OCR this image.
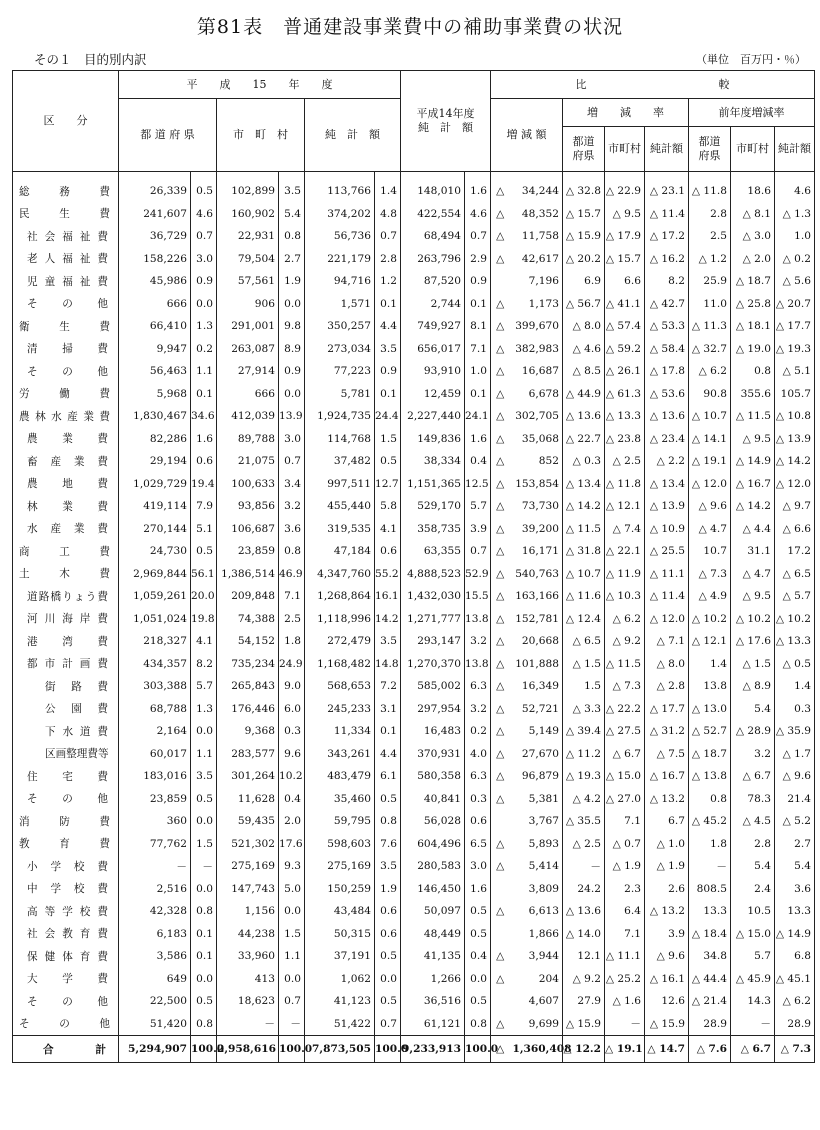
第81表　普通建設事業費中の補助事業費の状況
その１　目的別内訳	（単位　百万円・％）
区　　分	平　　成　　15　　年　　度						平成14年度
純　計　額		比　　　　　　　　　　　　較							
	都 道 府 県		市　町　村		純　計　額				増 減 額		増　　減　　率			前年度増減率		
											都道
府県	市町村	純計額	都道
府県	市町村	純計額
総務費	26,339	0.5	102,899	3.5	113,766	1.4	148,010	1.6	△	34,244	△ 32.8	△ 22.9	△ 23.1	△ 11.8	18.6	4.6
民生費	241,607	4.6	160,902	5.4	374,202	4.8	422,554	4.6	△	48,352	△ 15.7	△ 9.5	△ 11.4	2.8	△ 8.1	△ 1.3
社会福祉費	36,729	0.7	22,931	0.8	56,736	0.7	68,494	0.7	△	11,758	△ 15.9	△ 17.9	△ 17.2	2.5	△ 3.0	1.0
老人福祉費	158,226	3.0	79,504	2.7	221,179	2.8	263,796	2.9	△	42,617	△ 20.2	△ 15.7	△ 16.2	△ 1.2	△ 2.0	△ 0.2
児童福祉費	45,986	0.9	57,561	1.9	94,716	1.2	87,520	0.9		7,196	6.9	6.6	8.2	25.9	△ 18.7	△ 5.6
その他	666	0.0	906	0.0	1,571	0.1	2,744	0.1	△	1,173	△ 56.7	△ 41.1	△ 42.7	11.0	△ 25.8	△ 20.7
衛生費	66,410	1.3	291,001	9.8	350,257	4.4	749,927	8.1	△	399,670	△ 8.0	△ 57.4	△ 53.3	△ 11.3	△ 18.1	△ 17.7
清掃費	9,947	0.2	263,087	8.9	273,034	3.5	656,017	7.1	△	382,983	△ 4.6	△ 59.2	△ 58.4	△ 32.7	△ 19.0	△ 19.3
その他	56,463	1.1	27,914	0.9	77,223	0.9	93,910	1.0	△	16,687	△ 8.5	△ 26.1	△ 17.8	△ 6.2	0.8	△ 5.1
労働費	5,968	0.1	666	0.0	5,781	0.1	12,459	0.1	△	6,678	△ 44.9	△ 61.3	△ 53.6	90.8	355.6	105.7
農林水産業費	1,830,467	34.6	412,039	13.9	1,924,735	24.4	2,227,440	24.1	△	302,705	△ 13.6	△ 13.3	△ 13.6	△ 10.7	△ 11.5	△ 10.8
農業費	82,286	1.6	89,788	3.0	114,768	1.5	149,836	1.6	△	35,068	△ 22.7	△ 23.8	△ 23.4	△ 14.1	△ 9.5	△ 13.9
畜産業費	29,194	0.6	21,075	0.7	37,482	0.5	38,334	0.4	△	852	△ 0.3	△ 2.5	△ 2.2	△ 19.1	△ 14.9	△ 14.2
農地費	1,029,729	19.4	100,633	3.4	997,511	12.7	1,151,365	12.5	△	153,854	△ 13.4	△ 11.8	△ 13.4	△ 12.0	△ 16.7	△ 12.0
林業費	419,114	7.9	93,856	3.2	455,440	5.8	529,170	5.7	△	73,730	△ 14.2	△ 12.1	△ 13.9	△ 9.6	△ 14.2	△ 9.7
水産業費	270,144	5.1	106,687	3.6	319,535	4.1	358,735	3.9	△	39,200	△ 11.5	△ 7.4	△ 10.9	△ 4.7	△ 4.4	△ 6.6
商工費	24,730	0.5	23,859	0.8	47,184	0.6	63,355	0.7	△	16,171	△ 31.8	△ 22.1	△ 25.5	10.7	31.1	17.2
土木費	2,969,844	56.1	1,386,514	46.9	4,347,760	55.2	4,888,523	52.9	△	540,763	△ 10.7	△ 11.9	△ 11.1	△ 7.3	△ 4.7	△ 6.5
道路橋りょう費	1,059,261	20.0	209,848	7.1	1,268,864	16.1	1,432,030	15.5	△	163,166	△ 11.6	△ 10.3	△ 11.4	△ 4.9	△ 9.5	△ 5.7
河川海岸費	1,051,024	19.8	74,388	2.5	1,118,996	14.2	1,271,777	13.8	△	152,781	△ 12.4	△ 6.2	△ 12.0	△ 10.2	△ 10.2	△ 10.2
港湾費	218,327	4.1	54,152	1.8	272,479	3.5	293,147	3.2	△	20,668	△ 6.5	△ 9.2	△ 7.1	△ 12.1	△ 17.6	△ 13.3
都市計画費	434,357	8.2	735,234	24.9	1,168,482	14.8	1,270,370	13.8	△	101,888	△ 1.5	△ 11.5	△ 8.0	1.4	△ 1.5	△ 0.5
街路費	303,388	5.7	265,843	9.0	568,653	7.2	585,002	6.3	△	16,349	1.5	△ 7.3	△ 2.8	13.8	△ 8.9	1.4
公園費	68,788	1.3	176,446	6.0	245,233	3.1	297,954	3.2	△	52,721	△ 3.3	△ 22.2	△ 17.7	△ 13.0	5.4	0.3
下水道費	2,164	0.0	9,368	0.3	11,334	0.1	16,483	0.2	△	5,149	△ 39.4	△ 27.5	△ 31.2	△ 52.7	△ 28.9	△ 35.9
区画整理費等	60,017	1.1	283,577	9.6	343,261	4.4	370,931	4.0	△	27,670	△ 11.2	△ 6.7	△ 7.5	△ 18.7	3.2	△ 1.7
住宅費	183,016	3.5	301,264	10.2	483,479	6.1	580,358	6.3	△	96,879	△ 19.3	△ 15.0	△ 16.7	△ 13.8	△ 6.7	△ 9.6
その他	23,859	0.5	11,628	0.4	35,460	0.5	40,841	0.3	△	5,381	△ 4.2	△ 27.0	△ 13.2	0.8	78.3	21.4
消防費	360	0.0	59,435	2.0	59,795	0.8	56,028	0.6		3,767	△ 35.5	7.1	6.7	△ 45.2	△ 4.5	△ 5.2
教育費	77,762	1.5	521,302	17.6	598,603	7.6	604,496	6.5	△	5,893	△ 2.5	△ 0.7	△ 1.0	1.8	2.8	2.7
小学校費	－	－	275,169	9.3	275,169	3.5	280,583	3.0	△	5,414	－	△ 1.9	△ 1.9	－	5.4	5.4
中学校費	2,516	0.0	147,743	5.0	150,259	1.9	146,450	1.6		3,809	24.2	2.3	2.6	808.5	2.4	3.6
高等学校費	42,328	0.8	1,156	0.0	43,484	0.6	50,097	0.5	△	6,613	△ 13.6	6.4	△ 13.2	13.3	10.5	13.3
社会教育費	6,183	0.1	44,238	1.5	50,315	0.6	48,449	0.5		1,866	△ 14.0	7.1	3.9	△ 18.4	△ 15.0	△ 14.9
保健体育費	3,586	0.1	33,960	1.1	37,191	0.5	41,135	0.4	△	3,944	12.1	△ 11.1	△ 9.6	34.8	5.7	6.8
大学費	649	0.0	413	0.0	1,062	0.0	1,266	0.0	△	204	△ 9.2	△ 25.2	△ 16.1	△ 44.4	△ 45.9	△ 45.1
その他	22,500	0.5	18,623	0.7	41,123	0.5	36,516	0.5		4,607	27.9	△ 1.6	12.6	△ 21.4	14.3	△ 6.2
その他	51,420	0.8	－	－	51,422	0.7	61,121	0.8	△	9,699	△ 15.9	－	△ 15.9	28.9	－	28.9
合　　計	5,294,907	100.0	2,958,616	100.0	7,873,505	100.0	9,233,913	100.0	△	1,360,408	△ 12.2	△ 19.1	△ 14.7	△ 7.6	△ 6.7	△ 7.3
